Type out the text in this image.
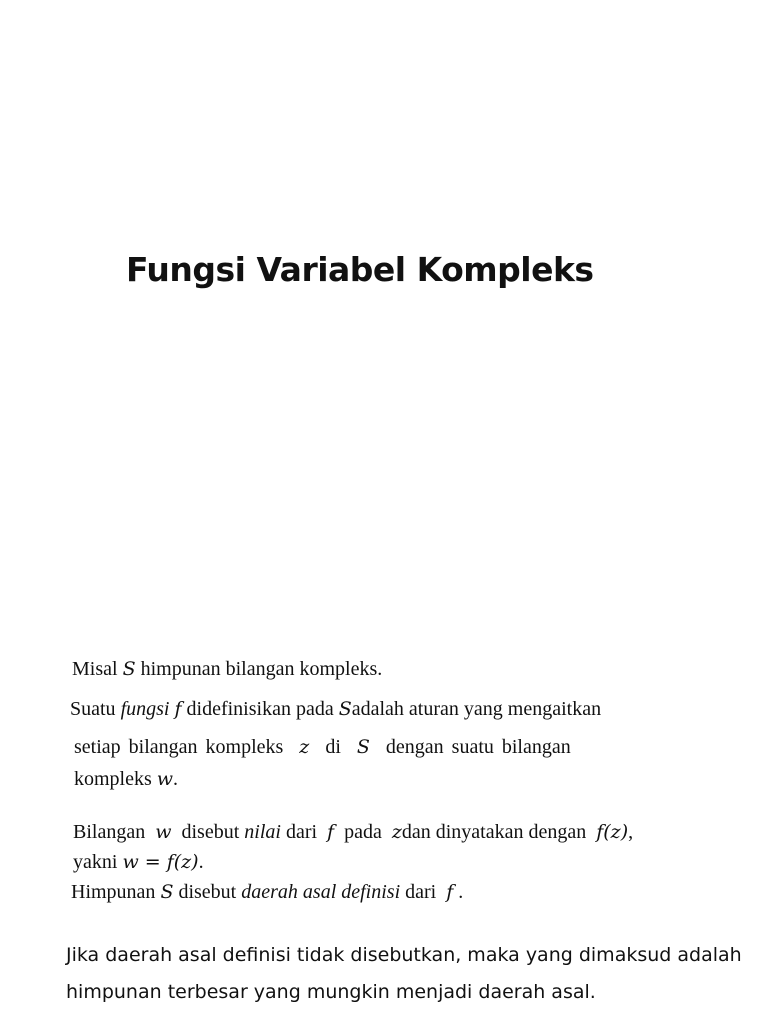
Fungsi Variabel Kompleks
Misal S himpunan bilangan kompleks.
Suatu fungsi f didefinisikan pada Sadalah aturan yang mengaitkan
setiap bilangan kompleks z di S dengan suatu bilangan
kompleks w.
Bilangan w disebut nilai dari f pada zdan dinyatakan dengan f(z),
yakni w = f(z).
Himpunan S disebut daerah asal definisi dari f .
Jika daerah asal definisi tidak disebutkan, maka yang dimaksud adalah
himpunan terbesar yang mungkin menjadi daerah asal.
